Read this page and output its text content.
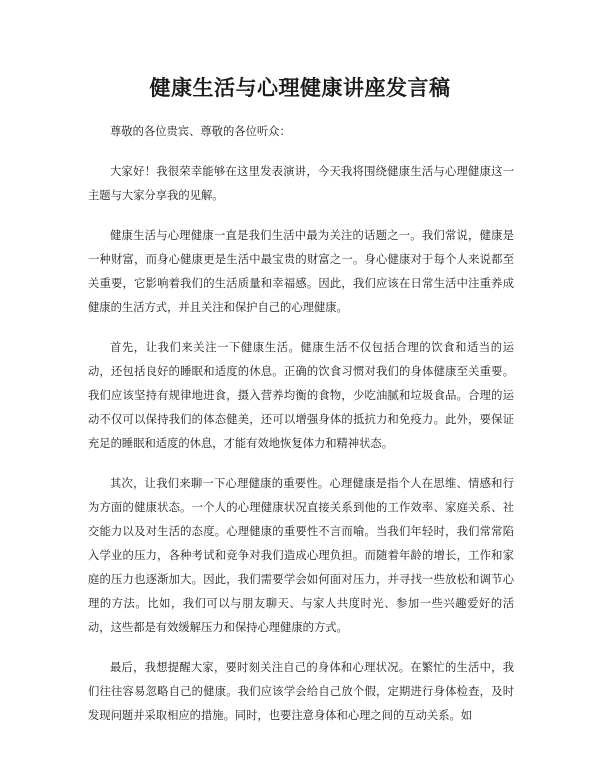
健康生活与心理健康讲座发言稿

尊敬的各位贵宾、尊敬的各位听众：

大家好！我很荣幸能够在这里发表演讲，今天我将围绕健康生活与心理健康这一主题与大家分享我的见解。

健康生活与心理健康一直是我们生活中最为关注的话题之一。我们常说，健康是一种财富，而身心健康更是生活中最宝贵的财富之一。身心健康对于每个人来说都至关重要，它影响着我们的生活质量和幸福感。因此，我们应该在日常生活中注重养成健康的生活方式，并且关注和保护自己的心理健康。

首先，让我们来关注一下健康生活。健康生活不仅包括合理的饮食和适当的运动，还包括良好的睡眠和适度的休息。正确的饮食习惯对我们的身体健康至关重要。我们应该坚持有规律地进食，摄入营养均衡的食物，少吃油腻和垃圾食品。合理的运动不仅可以保持我们的体态健美，还可以增强身体的抵抗力和免疫力。此外，要保证充足的睡眠和适度的休息，才能有效地恢复体力和精神状态。

其次，让我们来聊一下心理健康的重要性。心理健康是指个人在思维、情感和行为方面的健康状态。一个人的心理健康状况直接关系到他的工作效率、家庭关系、社交能力以及对生活的态度。心理健康的重要性不言而喻。当我们年轻时，我们常常陷入学业的压力，各种考试和竞争对我们造成心理负担。而随着年龄的增长，工作和家庭的压力也逐渐加大。因此，我们需要学会如何面对压力，并寻找一些放松和调节心理的方法。比如，我们可以与朋友聊天、与家人共度时光、参加一些兴趣爱好的活动，这些都是有效缓解压力和保持心理健康的方式。

最后，我想提醒大家，要时刻关注自己的身体和心理状况。在繁忙的生活中，我们往往容易忽略自己的健康。我们应该学会给自己放个假，定期进行身体检查，及时发现问题并采取相应的措施。同时，也要注意身体和心理之间的互动关系。如
